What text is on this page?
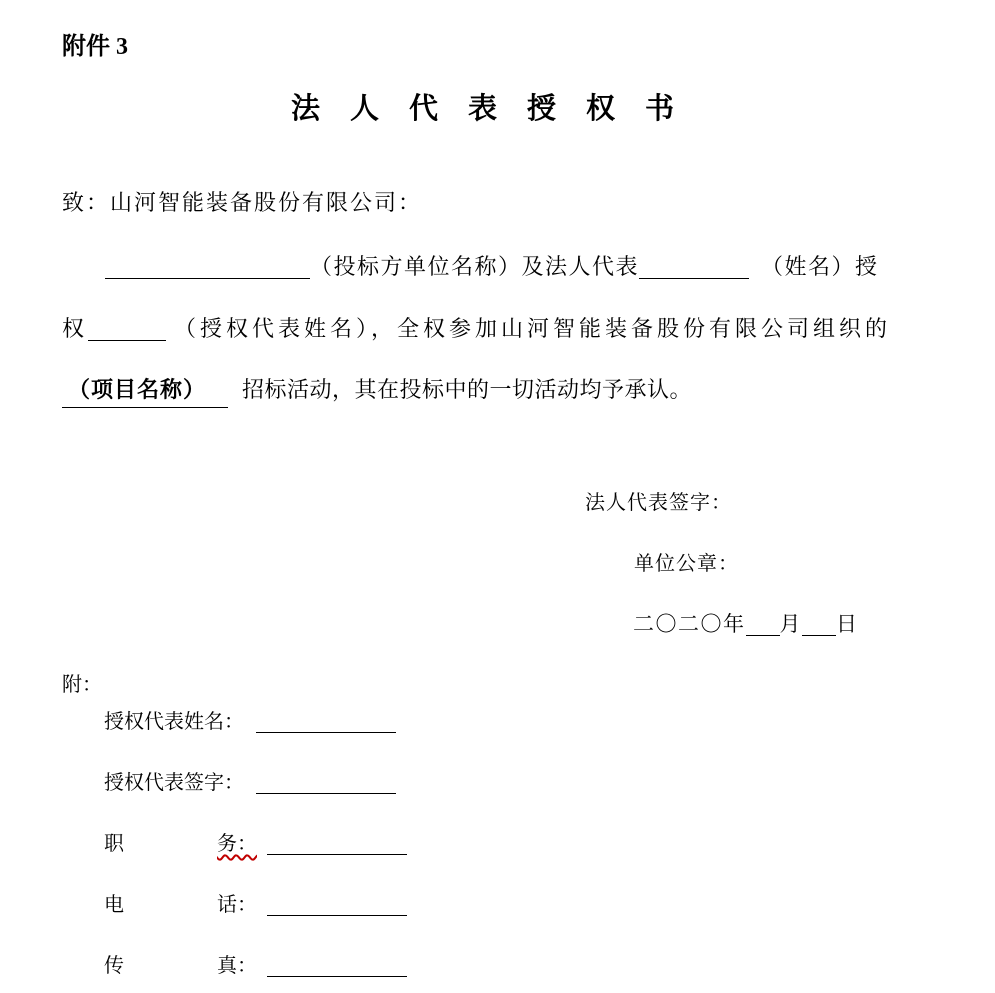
附件 3
法人代表授权书
致：山河智能装备股份有限公司：
（投标方单位名称）及法人代表	（姓名）授
权	（授权代表姓名），全权参加山河智能装备股份有限公司组织的
（项目名称） 招标活动，其在投标中的一切活动均予承认。
法人代表签字：
单位公章：
二〇二〇年 月 日
附：
授权代表姓名：
授权代表签字：
职	务：
电	话：
传	真：
